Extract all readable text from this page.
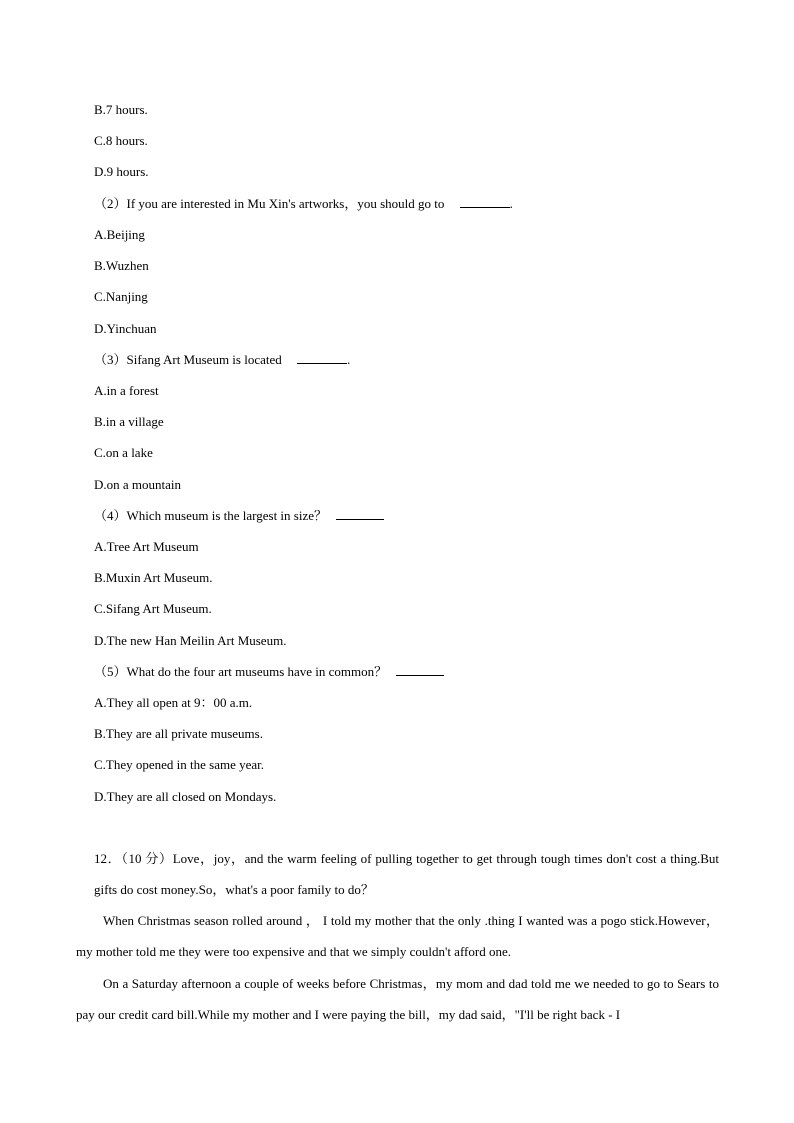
B.7 hours.
C.8 hours.
D.9 hours.
（2）If you are interested in Mu Xin's artworks，you should go to	.
A.Beijing
B.Wuzhen
C.Nanjing
D.Yinchuan
（3）Sifang Art Museum is located	.
A.in a forest
B.in a village
C.on a lake
D.on a mountain
（4）Which museum is the largest in size？
A.Tree Art Museum
B.Muxin Art Museum.
C.Sifang Art Museum.
D.The new Han Meilin Art Museum.
（5）What do the four art museums have in common？
A.They all open at 9：00 a.m.
B.They are all private museums.
C.They opened in the same year.
D.They are all closed on Mondays.
12．（10 分）Love，joy，and the warm feeling of pulling together to get through tough times don't cost a thing.But gifts do cost money.So，what's a poor family to do？
When Christmas season rolled around ， I told my mother that the only .thing I wanted was a pogo stick.However，my mother told me they were too expensive and that we simply couldn't afford one.
On a Saturday afternoon a couple of weeks before Christmas，my mom and dad told me we needed to go to Sears to pay our credit card bill.While my mother and I were paying the bill，my dad said，"I'll be right back - I
